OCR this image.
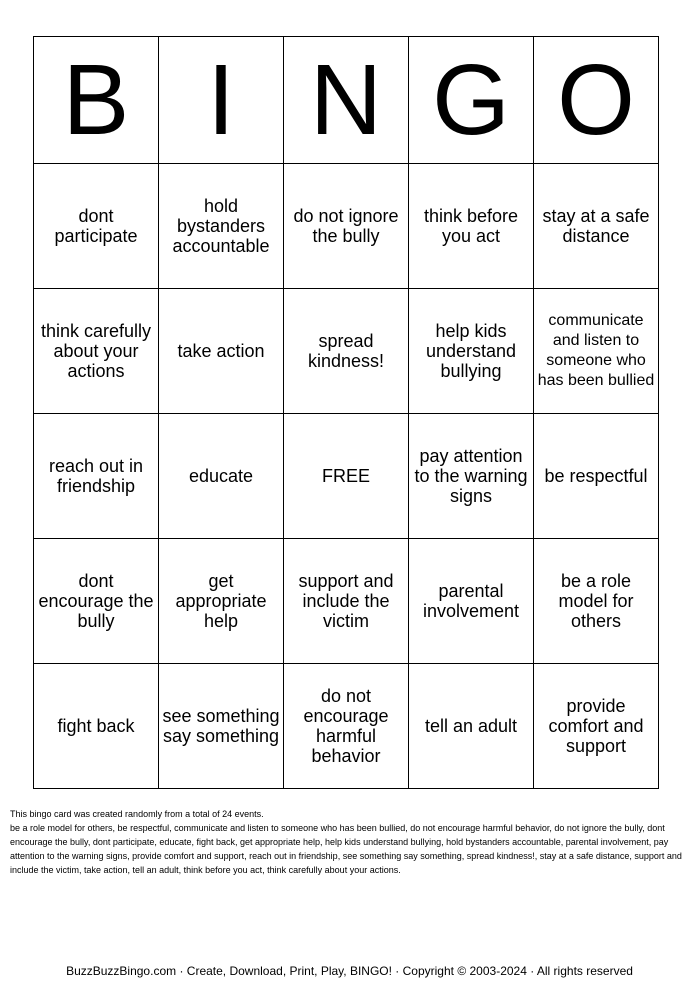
B	I	N	G	O
dont participate	hold bystanders accountable	do not ignore the bully	think before you act	stay at a safe distance
think carefully about your actions	take action	spread kindness!	help kids understand bullying	communicate and listen to someone who has been bullied
reach out in friendship	educate	FREE	pay attention to the warning signs	be respectful
dont encourage the bully	get appropriate help	support and include the victim	parental involvement	be a role model for others
fight back	see something say something	do not encourage harmful behavior	tell an adult	provide comfort and support

This bingo card was created randomly from a total of 24 events.

be a role model for others, be respectful, communicate and listen to someone who has been bullied, do not encourage harmful behavior, do not ignore the bully, dont encourage the bully, dont participate, educate, fight back, get appropriate help, help kids understand bullying, hold bystanders accountable, parental involvement, pay attention to the warning signs, provide comfort and support, reach out in friendship, see something say something, spread kindness!, stay at a safe distance, support and include the victim, take action, tell an adult, think before you act, think carefully about your actions.

BuzzBuzzBingo.com · Create, Download, Print, Play, BINGO! · Copyright © 2003-2024 · All rights reserved
